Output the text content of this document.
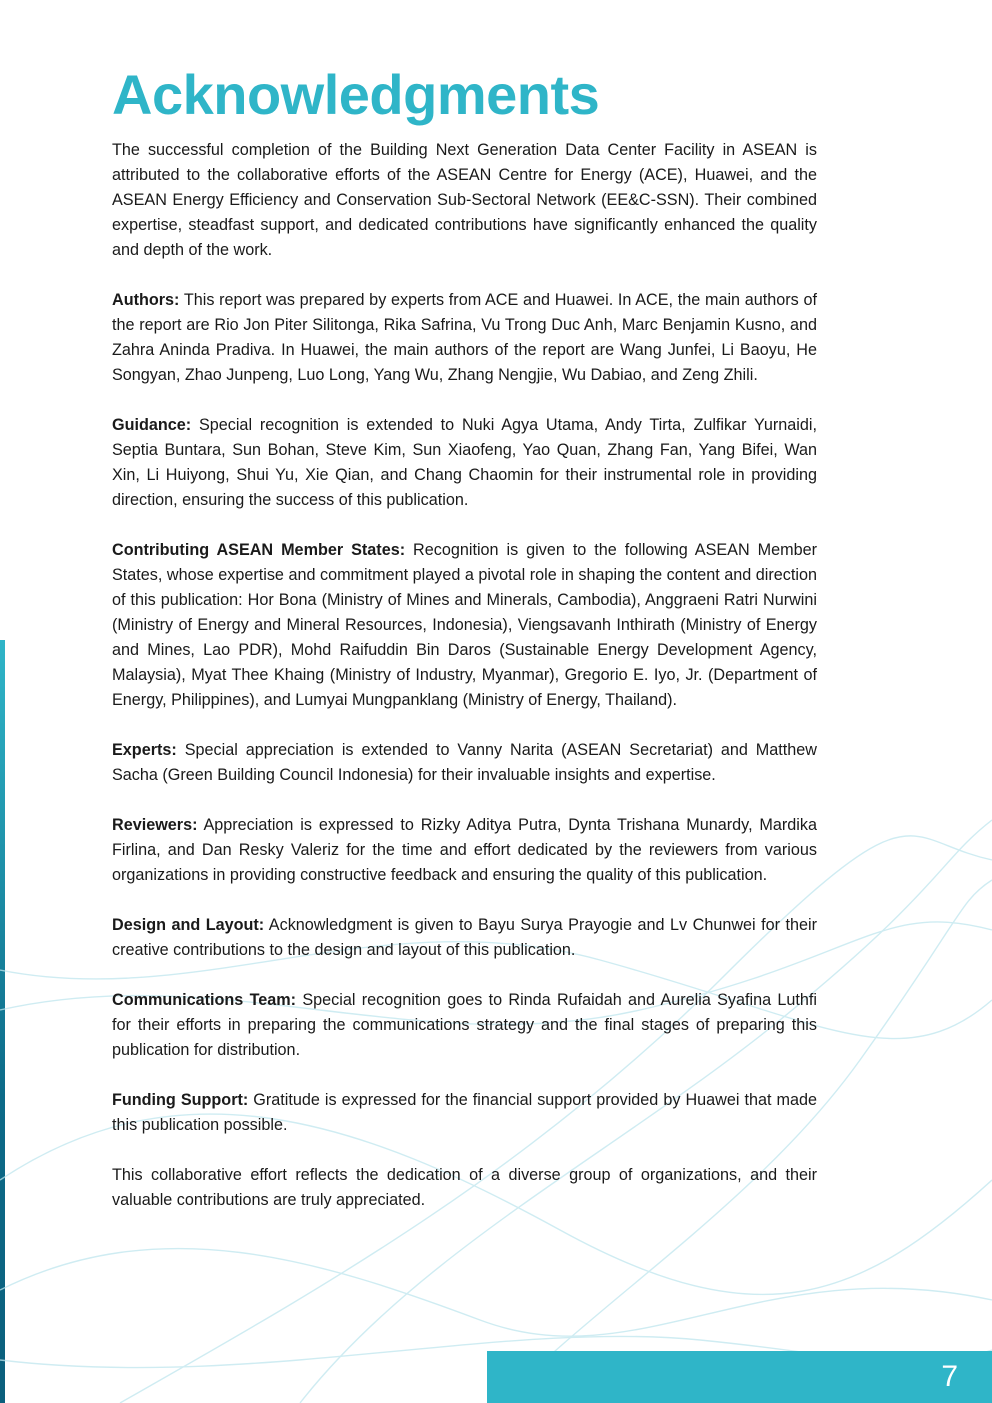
Acknowledgments

The successful completion of the Building Next Generation Data Center Facility in ASEAN is attributed to the collaborative efforts of the ASEAN Centre for Energy (ACE), Huawei, and the ASEAN Energy Efficiency and Conservation Sub-Sectoral Network (EE&C-SSN). Their combined expertise, steadfast support, and dedicated contributions have significantly enhanced the quality and depth of the work.

Authors: This report was prepared by experts from ACE and Huawei. In ACE, the main authors of the report are Rio Jon Piter Silitonga, Rika Safrina, Vu Trong Duc Anh, Marc Benjamin Kusno, and Zahra Aninda Pradiva. In Huawei, the main authors of the report are Wang Junfei, Li Baoyu, He Songyan, Zhao Junpeng, Luo Long, Yang Wu, Zhang Nengjie, Wu Dabiao, and Zeng Zhili.

Guidance: Special recognition is extended to Nuki Agya Utama, Andy Tirta, Zulfikar Yurnaidi, Septia Buntara, Sun Bohan, Steve Kim, Sun Xiaofeng, Yao Quan, Zhang Fan, Yang Bifei, Wan Xin, Li Huiyong, Shui Yu, Xie Qian, and Chang Chaomin for their instrumental role in providing direction, ensuring the success of this publication.

Contributing ASEAN Member States: Recognition is given to the following ASEAN Member States, whose expertise and commitment played a pivotal role in shaping the content and direction of this publication: Hor Bona (Ministry of Mines and Minerals, Cambodia), Anggraeni Ratri Nurwini (Ministry of Energy and Mineral Resources, Indonesia), Viengsavanh Inthirath (Ministry of Energy and Mines, Lao PDR), Mohd Raifuddin Bin Daros (Sustainable Energy Development Agency, Malaysia), Myat Thee Khaing (Ministry of Industry, Myanmar), Gregorio E. Iyo, Jr. (Department of Energy, Philippines), and Lumyai Mungpanklang (Ministry of Energy, Thailand).

Experts: Special appreciation is extended to Vanny Narita (ASEAN Secretariat) and Matthew Sacha (Green Building Council Indonesia) for their invaluable insights and expertise.

Reviewers: Appreciation is expressed to Rizky Aditya Putra, Dynta Trishana Munardy, Mardika Firlina, and Dan Resky Valeriz for the time and effort dedicated by the reviewers from various organizations in providing constructive feedback and ensuring the quality of this publication.

Design and Layout: Acknowledgment is given to Bayu Surya Prayogie and Lv Chunwei for their creative contributions to the design and layout of this publication.

Communications Team: Special recognition goes to Rinda Rufaidah and Aurelia Syafina Luthfi for their efforts in preparing the communications strategy and the final stages of preparing this publication for distribution.

Funding Support: Gratitude is expressed for the financial support provided by Huawei that made this publication possible.

This collaborative effort reflects the dedication of a diverse group of organizations, and their valuable contributions are truly appreciated.

7
